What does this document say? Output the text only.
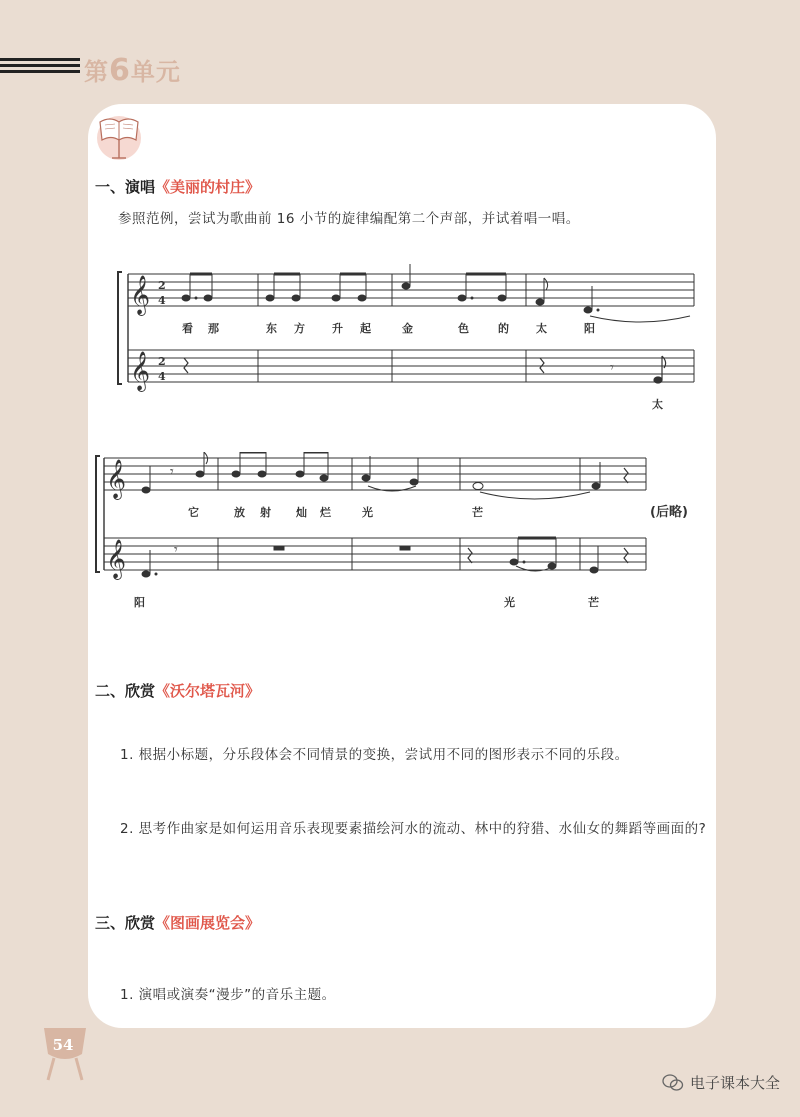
第6单元
一、演唱《美丽的村庄》
参照范例，尝试为歌曲前 16 小节的旋律编配第二个声部，并试着唱一唱。
𝄞
𝄞
2
4
2
4
𝄾
看 那	东 方 升 起	金	色	的 太	阳
太
𝄞
𝄞
𝄾
𝄾
它	放 射 灿 烂	光	芒	(后略)
阳	光	芒
二、欣赏《沃尔塔瓦河》
1. 根据小标题，分乐段体会不同情景的变换，尝试用不同的图形表示不同的乐段。
2. 思考作曲家是如何运用音乐表现要素描绘河水的流动、林中的狩猎、水仙女的舞蹈等画面的?
三、欣赏《图画展览会》
1. 演唱或演奏“漫步”的音乐主题。
54
电子课本大全
